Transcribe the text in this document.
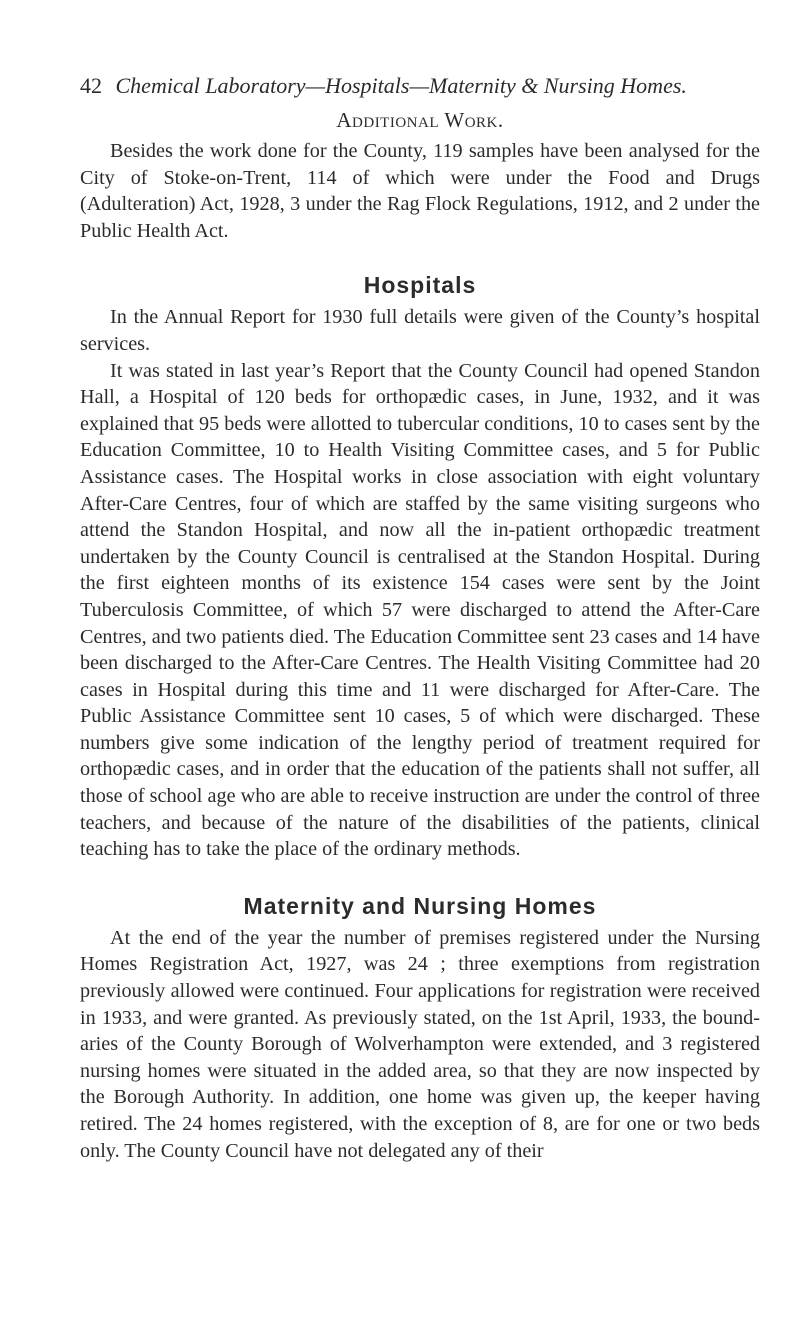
42 Chemical Laboratory—Hospitals—Maternity & Nursing Homes.
Additional Work.

Besides the work done for the County, 119 samples have been analysed for the City of Stoke-on-Trent, 114 of which were under the Food and Drugs (Adulteration) Act, 1928, 3 under the Rag Flock Regulations, 1912, and 2 under the Public Health Act.

Hospitals

In the Annual Report for 1930 full details were given of the County’s hospital services.

It was stated in last year’s Report that the County Council had opened Standon Hall, a Hospital of 120 beds for orthopædic cases, in June, 1932, and it was explained that 95 beds were allotted to tubercular conditions, 10 to cases sent by the Education Committee, 10 to Health Visiting Committee cases, and 5 for Public Assistance cases. The Hospital works in close association with eight voluntary After-Care Centres, four of which are staffed by the same visiting surgeons who attend the Standon Hospital, and now all the in-patient orthopædic treatment undertaken by the County Council is centralised at the Standon Hospital. During the first eighteen months of its existence 154 cases were sent by the Joint Tuberculosis Committee, of which 57 were discharged to attend the After-Care Centres, and two patients died. The Education Committee sent 23 cases and 14 have been discharged to the After-Care Centres. The Health Visiting Committee had 20 cases in Hospital during this time and 11 were discharged for After-Care. The Public Assistance Committee sent 10 cases, 5 of which were discharged. These numbers give some indication of the lengthy period of treatment required for orthopædic cases, and in order that the education of the patients shall not suffer, all those of school age who are able to receive instruction are under the control of three teachers, and because of the nature of the disabilities of the patients, clinical teaching has to take the place of the ordinary methods.

Maternity and Nursing Homes

At the end of the year the number of premises registered under the Nursing Homes Registration Act, 1927, was 24 ; three exemptions from registration previously allowed were continued. Four applications for registration were received in 1933, and were granted. As previously stated, on the 1st April, 1933, the boundaries of the County Borough of Wolverhampton were extended, and 3 registered nursing homes were situated in the added area, so that they are now inspected by the Borough Authority. In addition, one home was given up, the keeper having retired. The 24 homes registered, with the exception of 8, are for one or two beds only. The County Council have not delegated any of their
